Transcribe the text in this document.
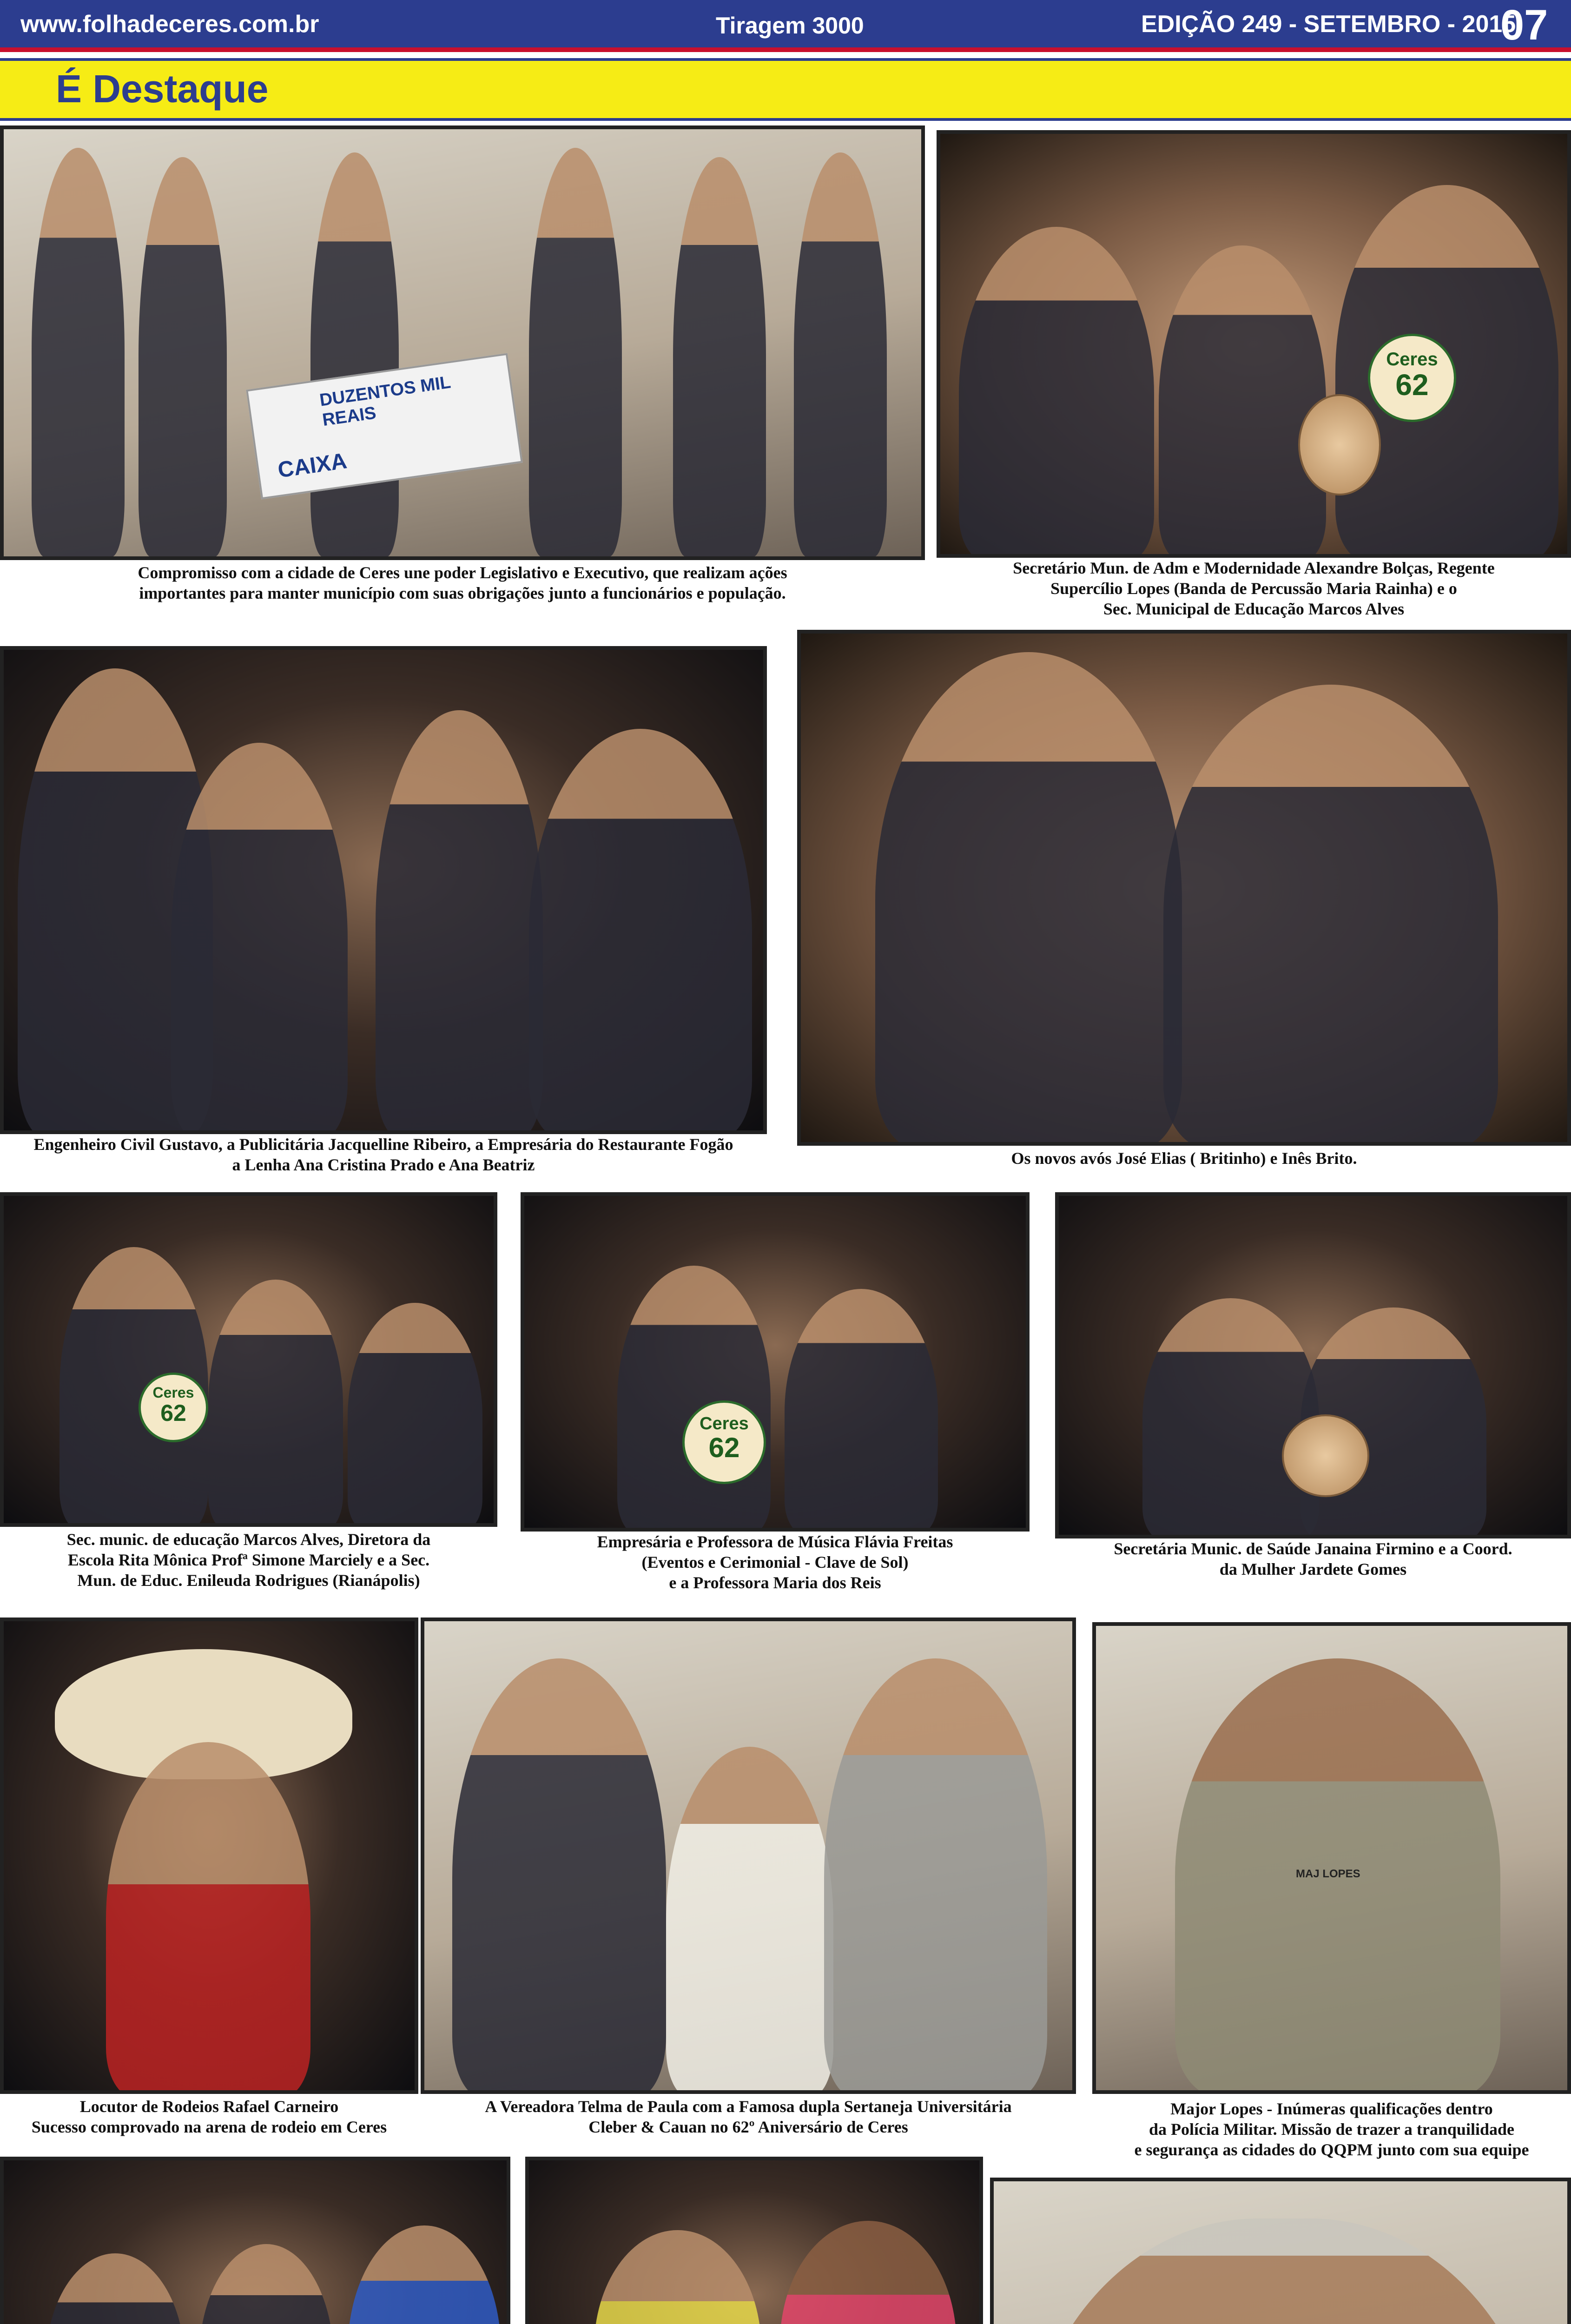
www.folhadeceres.com.br	Tiragem 3000	EDIÇÃO 249 - SETEMBRO - 2015
07
É Destaque
DUZENTOS MIL REAIS
CAIXA
Compromisso com a cidade de Ceres une poder Legislativo e Executivo, que realizam ações
importantes para manter município com suas obrigações junto a funcionários e população.
Ceres
62
Secretário Mun. de Adm e Modernidade Alexandre Bolças, Regente
Supercílio Lopes (Banda de Percussão Maria Rainha) e o
Sec. Municipal de Educação Marcos Alves
Engenheiro Civil Gustavo, a Publicitária Jacquelline Ribeiro, a Empresária do Restaurante Fogão
a Lenha Ana Cristina Prado e Ana Beatriz	Os novos avós José Elias ( Britinho) e Inês Brito.
Ceres
62
Sec. munic. de educação Marcos Alves, Diretora da
Escola Rita Mônica Profª Simone Marciely e a Sec.
Mun. de Educ. Enileuda Rodrigues (Rianápolis)
Ceres
62
Empresária e Professora de Música Flávia Freitas
(Eventos e Cerimonial - Clave de Sol)
e a Professora Maria dos Reis
Secretária Munic. de Saúde Janaina Firmino e a Coord.
da Mulher Jardete Gomes
Locutor de Rodeios Rafael Carneiro
Sucesso comprovado na arena de rodeio em Ceres
A Vereadora Telma de Paula com a Famosa dupla Sertaneja Universitária
Cleber & Cauan no 62º Aniversário de Ceres
MAJ LOPES
Major Lopes - Inúmeras qualificações dentro
da Polícia Militar. Missão de trazer a tranquilidade
e segurança as cidades do QQPM junto com sua equipe
